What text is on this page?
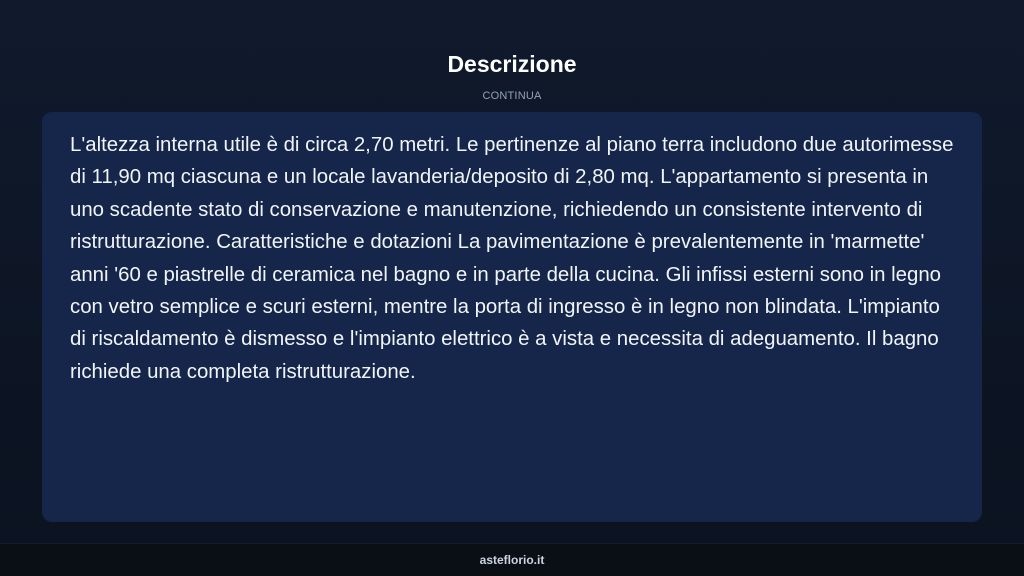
Descrizione
CONTINUA

L'altezza interna utile è di circa 2,70 metri. Le pertinenze al piano terra includono due autorimesse di 11,90 mq ciascuna e un locale lavanderia/deposito di 2,80 mq. L'appartamento si presenta in uno scadente stato di conservazione e manutenzione, richiedendo un consistente intervento di ristrutturazione. Caratteristiche e dotazioni La pavimentazione è prevalentemente in 'marmette' anni '60 e piastrelle di ceramica nel bagno e in parte della cucina. Gli infissi esterni sono in legno con vetro semplice e scuri esterni, mentre la porta di ingresso è in legno non blindata. L'impianto di riscaldamento è dismesso e l'impianto elettrico è a vista e necessita di adeguamento. Il bagno richiede una completa ristrutturazione.

asteflorio.it
